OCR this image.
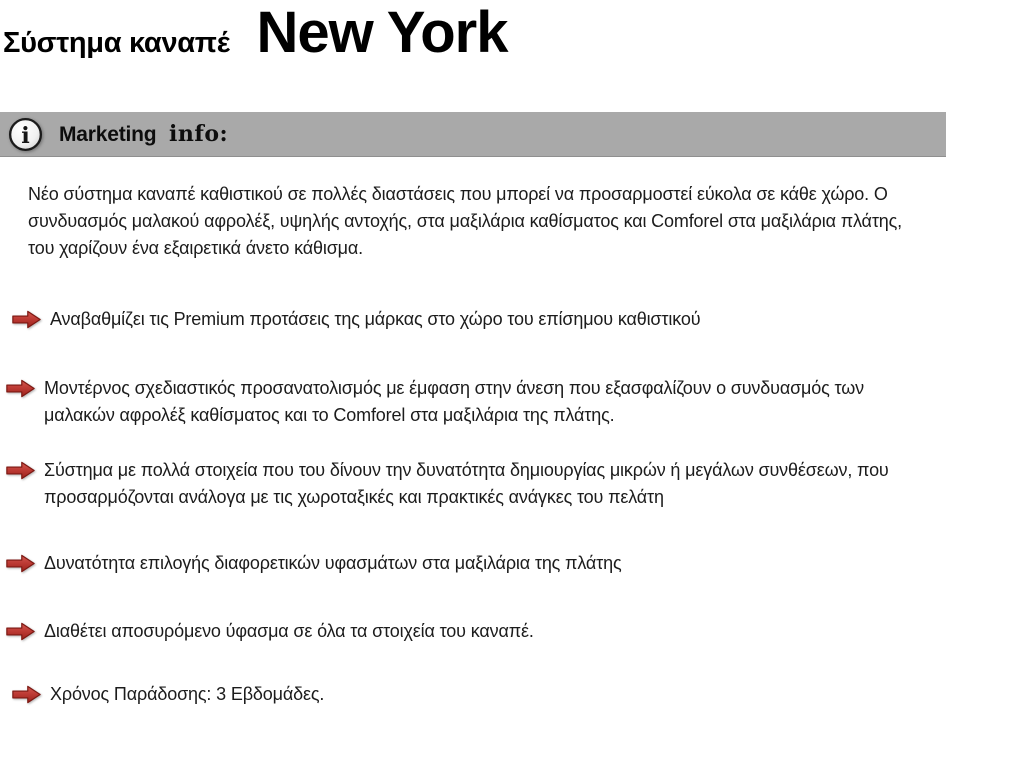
Σύστημα καναπέ New York
i Marketing info:

Νέο σύστημα καναπέ καθιστικού σε πολλές διαστάσεις που μπορεί να προσαρμοστεί εύκολα σε κάθε χώρο. Ο συνδυασμός μαλακού αφρολέξ, υψηλής αντοχής, στα μαξιλάρια καθίσματος και Comforel στα μαξιλάρια πλάτης, του χαρίζουν ένα εξαιρετικά άνετο κάθισμα.

Αναβαθμίζει τις Premium προτάσεις της μάρκας στο χώρο του επίσημου καθιστικού
Μοντέρνος σχεδιαστικός προσανατολισμός με έμφαση στην άνεση που εξασφαλίζουν ο συνδυασμός των μαλακών αφρολέξ καθίσματος και το Comforel στα μαξιλάρια της πλάτης.
Σύστημα με πολλά στοιχεία που του δίνουν την δυνατότητα δημιουργίας μικρών ή μεγάλων συνθέσεων, που προσαρμόζονται ανάλογα με τις χωροταξικές και πρακτικές ανάγκες του πελάτη
Δυνατότητα επιλογής διαφορετικών υφασμάτων στα μαξιλάρια της πλάτης
Διαθέτει αποσυρόμενο ύφασμα σε όλα τα στοιχεία του καναπέ.
Χρόνος Παράδοσης: 3 Εβδομάδες.
